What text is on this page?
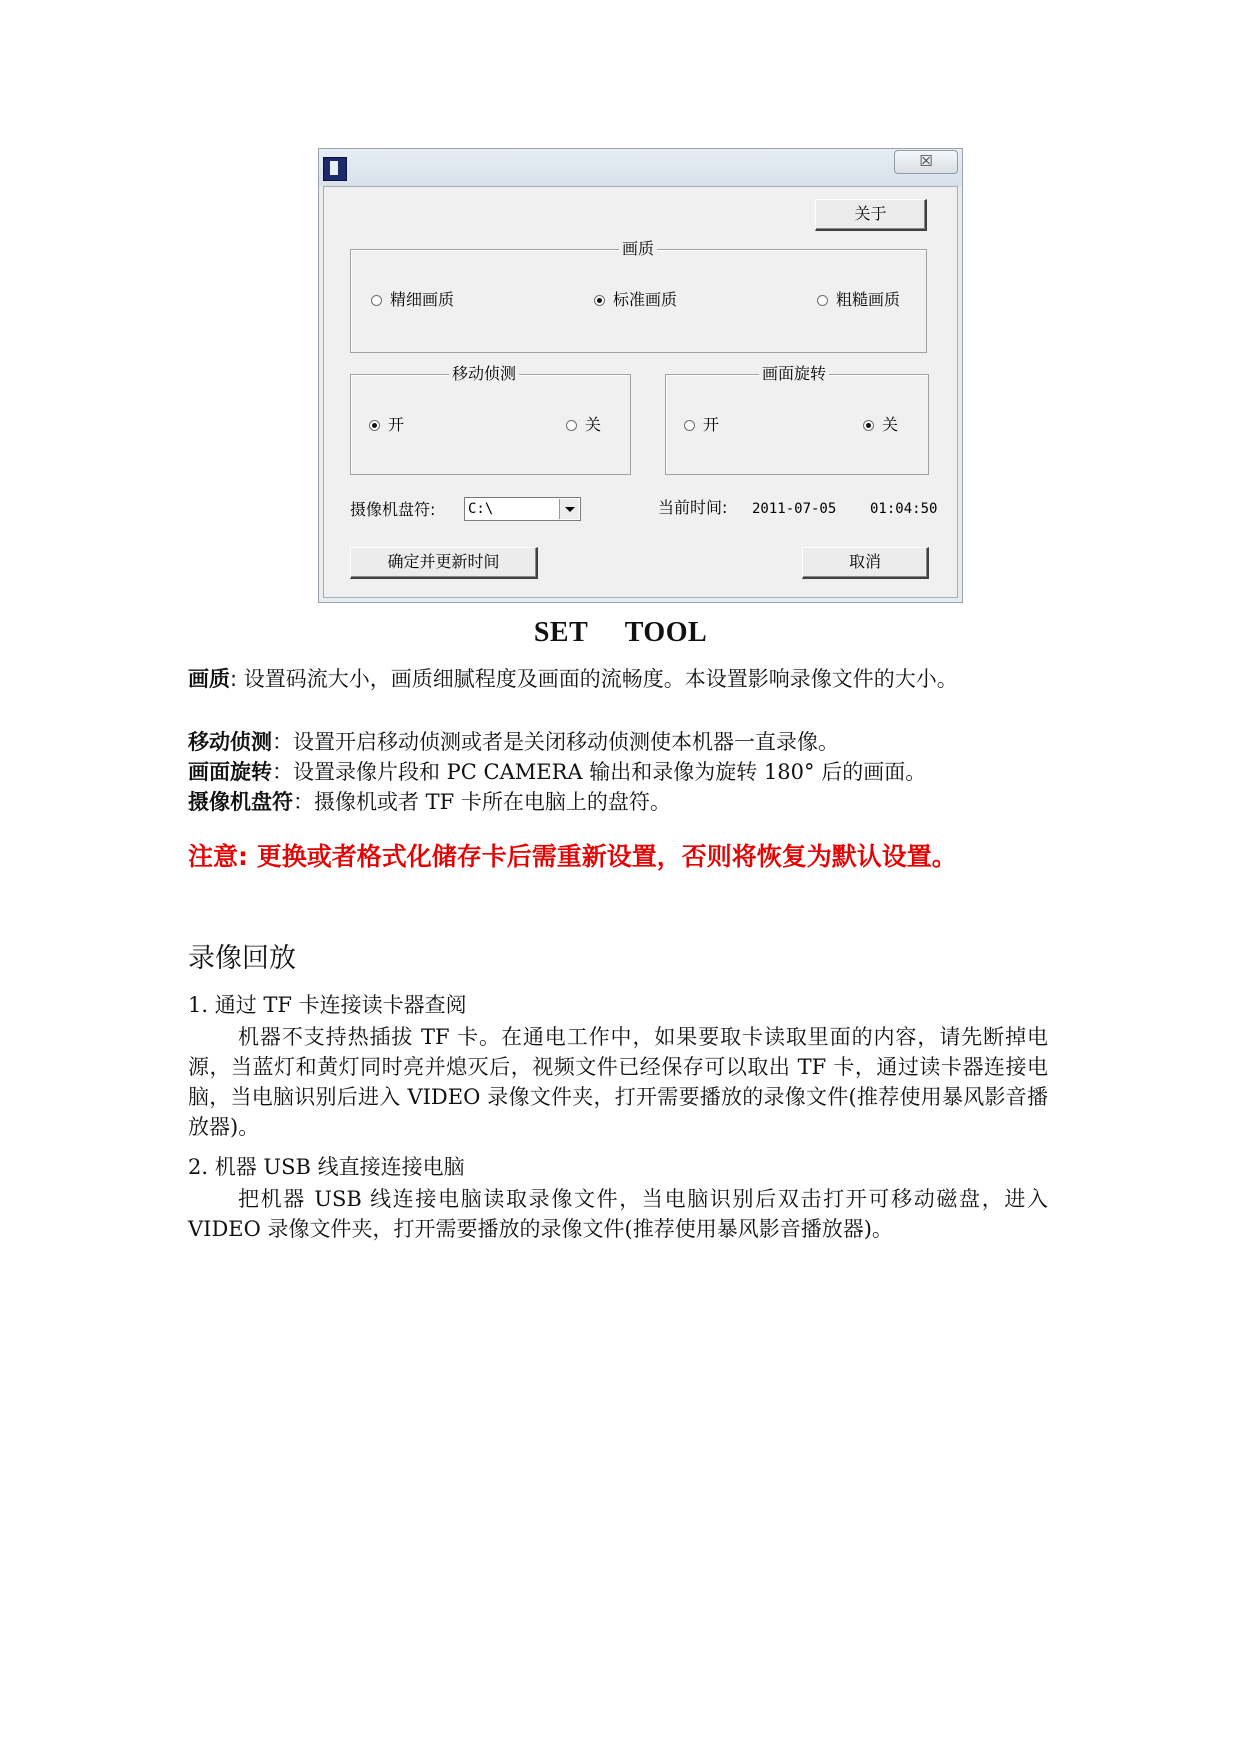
☒
关于
画质
精细画质	标准画质	粗糙画质
移动侦测
开	关
画面旋转
开	关
摄像机盘符: C:\	当前时间: 2011-07-05    01:04:50
确定并更新时间	取消
SET TOOL
画质: 设置码流大小，画质细腻程度及画面的流畅度。本设置影响录像文件的大小。
移动侦测：设置开启移动侦测或者是关闭移动侦测使本机器一直录像。
画面旋转：设置录像片段和 PC CAMERA 输出和录像为旋转 180° 后的画面。
摄像机盘符：摄像机或者 TF 卡所在电脑上的盘符。
注意: 更换或者格式化储存卡后需重新设置，否则将恢复为默认设置。
录像回放
1. 通过 TF 卡连接读卡器查阅
机器不支持热插拔 TF 卡。在通电工作中，如果要取卡读取里面的内容，请先断掉电源，当蓝灯和黄灯同时亮并熄灭后，视频文件已经保存可以取出 TF 卡，通过读卡器连接电脑，当电脑识别后进入 VIDEO 录像文件夹，打开需要播放的录像文件(推荐使用暴风影音播放器)。
2. 机器 USB 线直接连接电脑
把机器 USB 线连接电脑读取录像文件，当电脑识别后双击打开可移动磁盘，进入 VIDEO 录像文件夹，打开需要播放的录像文件(推荐使用暴风影音播放器)。
